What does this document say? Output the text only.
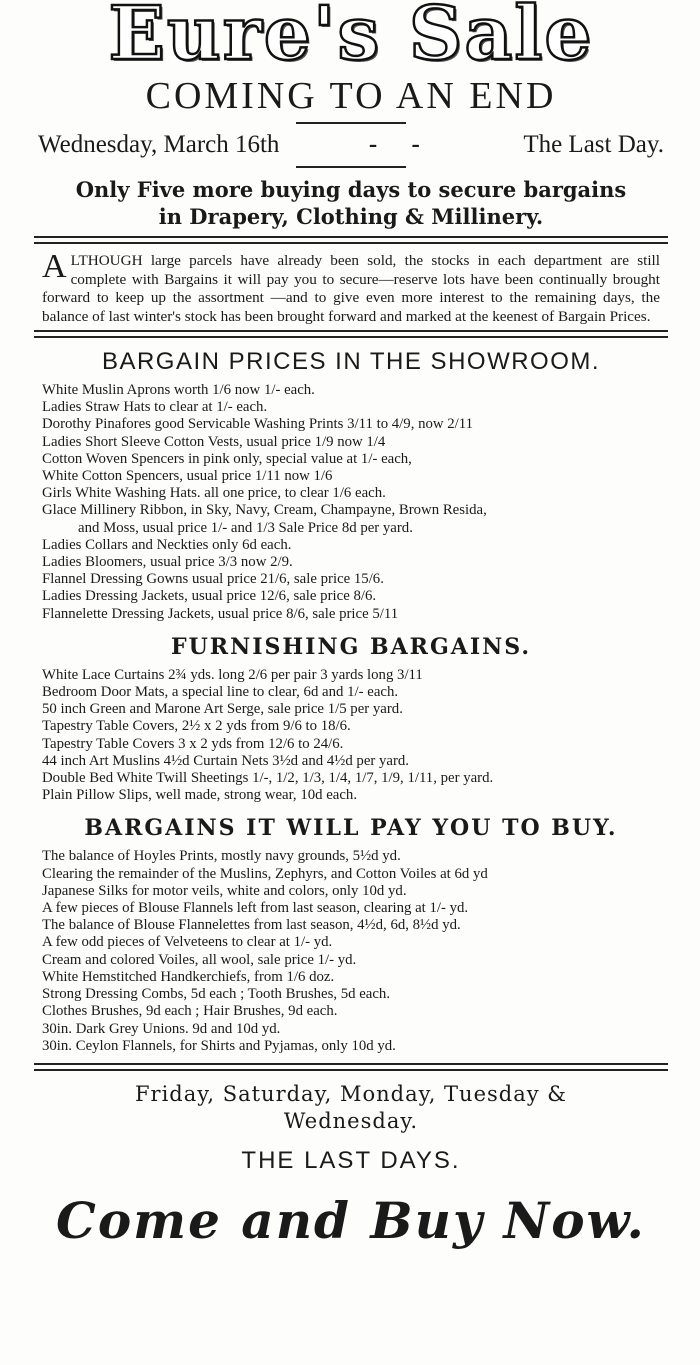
Eure's Sale
COMING TO AN END
Wednesday, March 16th	- -	The Last Day.
Only Five more buying days to secure bargains
in Drapery, Clothing & Millinery.
ALTHOUGH large parcels have already been sold, the stocks in each department are still complete with Bargains it will pay you to secure—reserve lots have been continually brought forward to keep up the assortment —and to give even more interest to the remaining days, the balance of last winter's stock has been brought forward and marked at the keenest of Bargain Prices.
BARGAIN PRICES IN THE SHOWROOM.
White Muslin Aprons worth 1/6 now 1/- each.
Ladies Straw Hats to clear at 1/- each.
Dorothy Pinafores good Servicable Washing Prints 3/11 to 4/9, now 2/11
Ladies Short Sleeve Cotton Vests, usual price 1/9 now 1/4
Cotton Woven Spencers in pink only, special value at 1/- each,
White Cotton Spencers, usual price 1/11 now 1/6
Girls White Washing Hats. all one price, to clear 1/6 each.
Glace Millinery Ribbon, in Sky, Navy, Cream, Champayne, Brown Resida,
and Moss, usual price 1/- and 1/3 Sale Price 8d per yard.
Ladies Collars and Neckties only 6d each.
Ladies Bloomers, usual price 3/3 now 2/9.
Flannel Dressing Gowns usual price 21/6, sale price 15/6.
Ladies Dressing Jackets, usual price 12/6, sale price 8/6.
Flannelette Dressing Jackets, usual price 8/6, sale price 5/11
FURNISHING BARGAINS.
White Lace Curtains 2¾ yds. long 2/6 per pair 3 yards long 3/11
Bedroom Door Mats, a special line to clear, 6d and 1/- each.
50 inch Green and Marone Art Serge, sale price 1/5 per yard.
Tapestry Table Covers, 2½ x 2 yds from 9/6 to 18/6.
Tapestry Table Covers 3 x 2 yds from 12/6 to 24/6.
44 inch Art Muslins 4½d Curtain Nets 3½d and 4½d per yard.
Double Bed White Twill Sheetings 1/-, 1/2, 1/3, 1/4, 1/7, 1/9, 1/11, per yard.
Plain Pillow Slips, well made, strong wear, 10d each.
BARGAINS IT WILL PAY YOU TO BUY.
The balance of Hoyles Prints, mostly navy grounds, 5½d yd.
Clearing the remainder of the Muslins, Zephyrs, and Cotton Voiles at 6d yd
Japanese Silks for motor veils, white and colors, only 10d yd.
A few pieces of Blouse Flannels left from last season, clearing at 1/- yd.
The balance of Blouse Flannelettes from last season, 4½d, 6d, 8½d yd.
A few odd pieces of Velveteens to clear at 1/- yd.
Cream and colored Voiles, all wool, sale price 1/- yd.
White Hemstitched Handkerchiefs, from 1/6 doz.
Strong Dressing Combs, 5d each ; Tooth Brushes, 5d each.
Clothes Brushes, 9d each ; Hair Brushes, 9d each.
30in. Dark Grey Unions. 9d and 10d yd.
30in. Ceylon Flannels, for Shirts and Pyjamas, only 10d yd.
Friday, Saturday, Monday, Tuesday &
Wednesday.
THE LAST DAYS.
Come and Buy Now.
